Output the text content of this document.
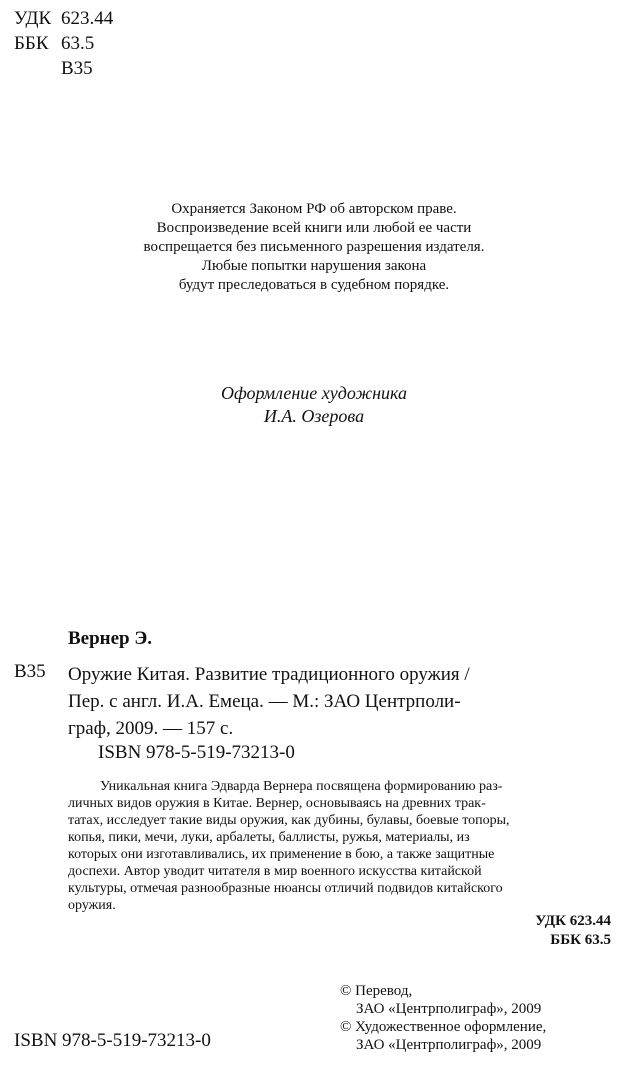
УДК 623.44
ББК 63.5
В35
Охраняется Законом РФ об авторском праве.
Воспроизведение всей книги или любой ее части
воспрещается без письменного разрешения издателя.
Любые попытки нарушения закона
будут преследоваться в судебном порядке.
Оформление художника
И.А. Озерова
Вернер Э.
В35 Оружие Китая. Развитие традиционного оружия /
Пер. с англ. И.А. Емеца. — М.: ЗАО Центрполи-
граф, 2009. — 157 с.
ISBN 978-5-519-73213-0
Уникальная книга Эдварда Вернера посвящена формированию раз-
личных видов оружия в Китае. Вернер, основываясь на древних трак-
татах, исследует такие виды оружия, как дубины, булавы, боевые топоры,
копья, пики, мечи, луки, арбалеты, баллисты, ружья, материалы, из
которых они изготавливались, их применение в бою, а также защитные
доспехи. Автор уводит читателя в мир военного искусства китайской
культуры, отмечая разнообразные нюансы отличий подвидов китайского
оружия.
УДК 623.44
ББК 63.5
© Перевод,
ЗАО «Центрполиграф», 2009
© Художественное оформление,
ЗАО «Центрполиграф», 2009
ISBN 978-5-519-73213-0
